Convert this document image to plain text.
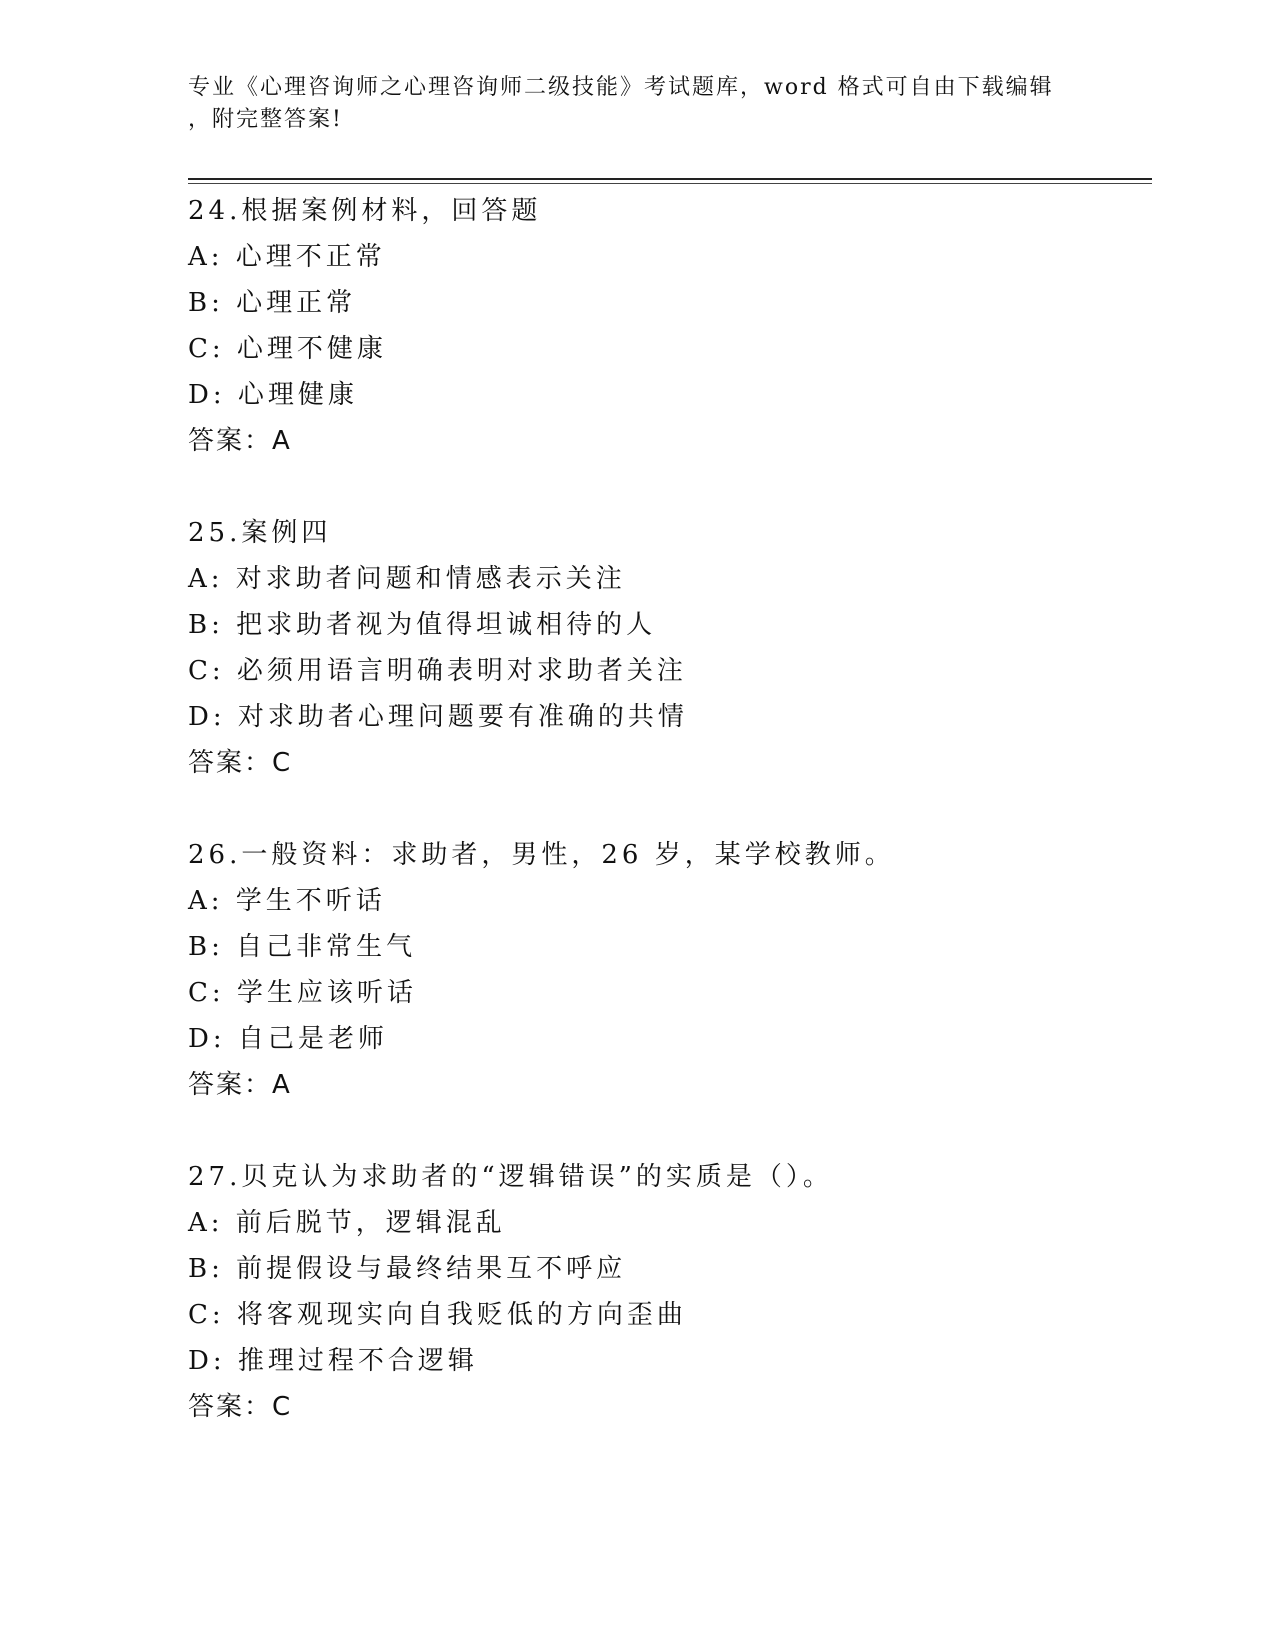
专业《心理咨询师之心理咨询师二级技能》考试题库，word 格式可自由下载编辑
，附完整答案!
24.根据案例材料，回答题
A: 心理不正常
B: 心理正常
C: 心理不健康
D: 心理健康
答案：A
25.案例四
A: 对求助者问题和情感表示关注
B: 把求助者视为值得坦诚相待的人
C: 必须用语言明确表明对求助者关注
D: 对求助者心理问题要有准确的共情
答案：C
26.一般资料：求助者，男性，26 岁，某学校教师。
A: 学生不听话
B: 自己非常生气
C: 学生应该听话
D: 自己是老师
答案：A
27.贝克认为求助者的“逻辑错误”的实质是（）。
A: 前后脱节，逻辑混乱
B: 前提假设与最终结果互不呼应
C: 将客观现实向自我贬低的方向歪曲
D: 推理过程不合逻辑
答案：C
